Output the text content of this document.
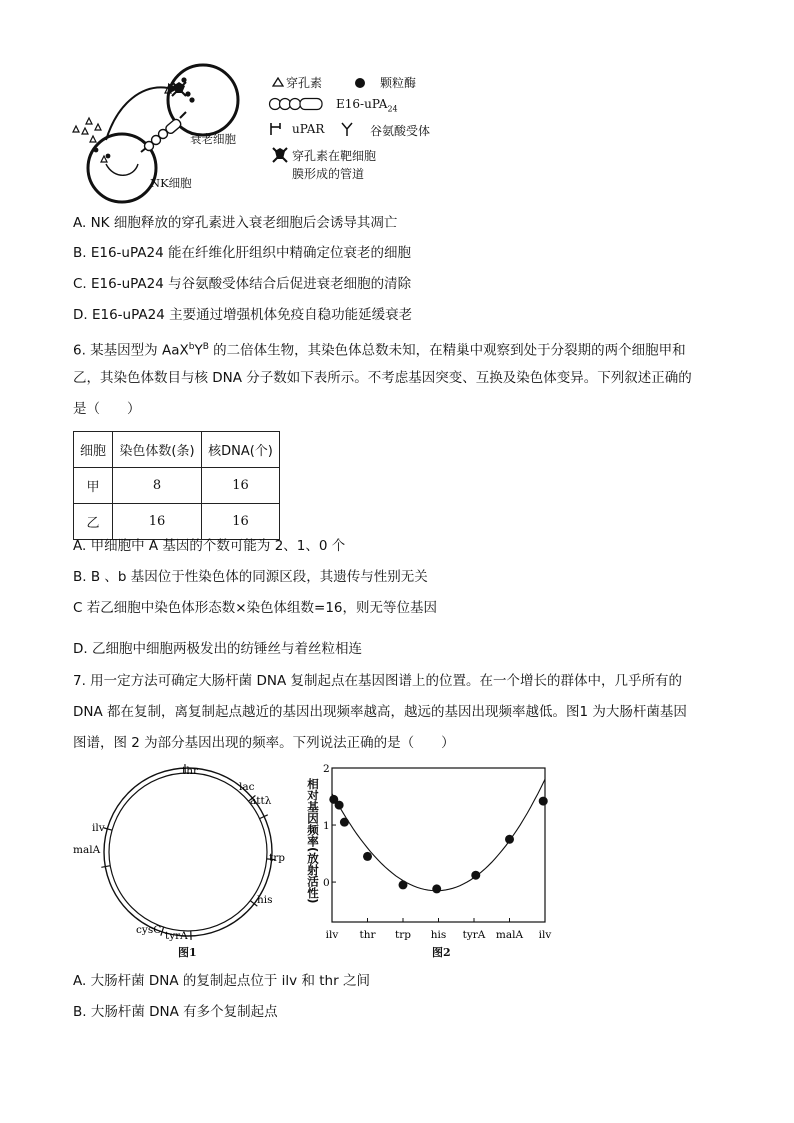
衰老细胞
NK细胞
穿孔素	颗粒酶
E16-uPA$_{24}$
uPAR	谷氨酸受体
穿孔素在靶细胞
膜形成的管道
A. NK 细胞释放的穿孔素进入衰老细胞后会诱导其凋亡
B. E16-uPA24 能在纤维化肝组织中精确定位衰老的细胞
C. E16-uPA24 与谷氨酸受体结合后促进衰老细胞的清除
D. E16-uPA24 主要通过增强机体免疫自稳功能延缓衰老
6. 某基因型为 $AaX^bY^B$ 的二倍体生物，其染色体总数未知，在精巢中观察到处于分裂期的两个细胞甲和
乙，其染色体数目与核 DNA 分子数如下表所示。不考虑基因突变、互换及染色体变异。下列叙述正确的
是（　　）
细胞	染色体数(条)	核DNA(个)
甲	8	16
乙	16	16
A. 甲细胞中 A 基因的个数可能为 2、1、0 个
B. B 、b 基因位于性染色体的同源区段，其遗传与性别无关
C 若乙细胞中染色体形态数×染色体组数=16，则无等位基因
D. 乙细胞中细胞两极发出的纺锤丝与着丝粒相连
7. 用一定方法可确定大肠杆菌 DNA 复制起点在基因图谱上的位置。在一个增长的群体中，几乎所有的
DNA 都在复制，离复制起点越近的基因出现频率越高，越远的基因出现频率越低。图1 为大肠杆菌基因
图谱，图 2 为部分基因出现的频率。下列说法正确的是（　　）
thr
lac
attλ
trp
his
tyrA
cysC
malA
ilv
图1
2
1
0
ilv thr trp his tyrA malA ilv
相对基因频率(放射活性)
图2
A. 大肠杆菌 DNA 的复制起点位于 ilv 和 thr 之间
B. 大肠杆菌 DNA 有多个复制起点
